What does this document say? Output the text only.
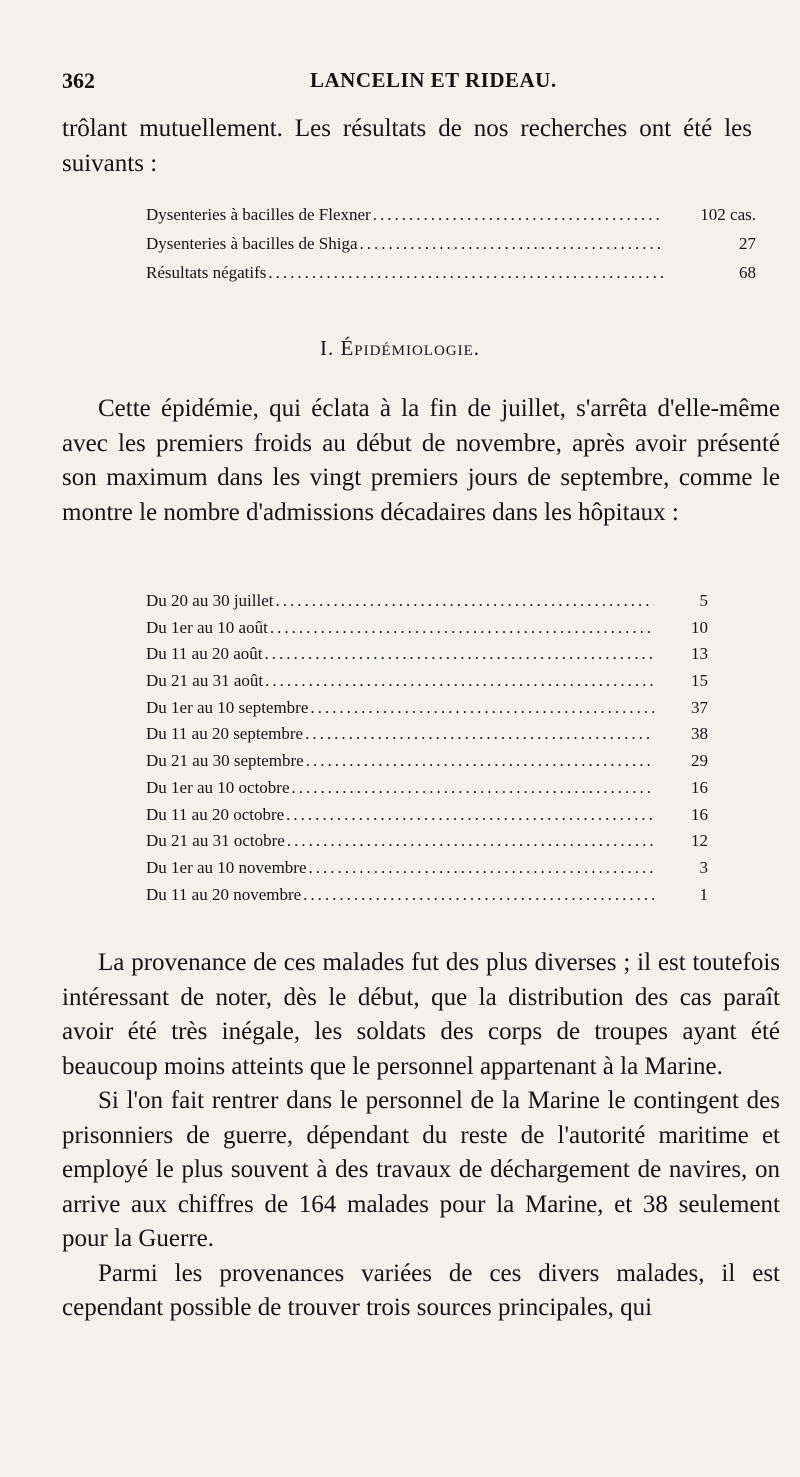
362	LANCELIN ET RIDEAU.

trôlant mutuellement. Les résultats de nos recherches ont été les suivants :

Dysenteries à bacilles de Flexner .....	102 cas.
Dysenteries à bacilles de Shiga .....	27
Résultats négatifs .....	68
I. Épidémiologie.

Cette épidémie, qui éclata à la fin de juillet, s'arrêta d'elle-même avec les premiers froids au début de novembre, après avoir présenté son maximum dans les vingt premiers jours de septembre, comme le montre le nombre d'admissions décadaires dans les hôpitaux :

Du 20 au 30 juillet .....	5
Du 1er au 10 août .....	10
Du 11 au 20 août .....	13
Du 21 au 31 août .....	15
Du 1er au 10 septembre .....	37
Du 11 au 20 septembre .....	38
Du 21 au 30 septembre .....	29
Du 1er au 10 octobre .....	16
Du 11 au 20 octobre .....	16
Du 21 au 31 octobre .....	12
Du 1er au 10 novembre .....	3
Du 11 au 20 novembre .....	1

La provenance de ces malades fut des plus diverses ; il est toutefois intéressant de noter, dès le début, que la distribution des cas paraît avoir été très inégale, les soldats des corps de troupes ayant été beaucoup moins atteints que le personnel appartenant à la Marine.

Si l'on fait rentrer dans le personnel de la Marine le contingent des prisonniers de guerre, dépendant du reste de l'autorité maritime et employé le plus souvent à des travaux de déchargement de navires, on arrive aux chiffres de 164 malades pour la Marine, et 38 seulement pour la Guerre.

Parmi les provenances variées de ces divers malades, il est cependant possible de trouver trois sources principales, qui
